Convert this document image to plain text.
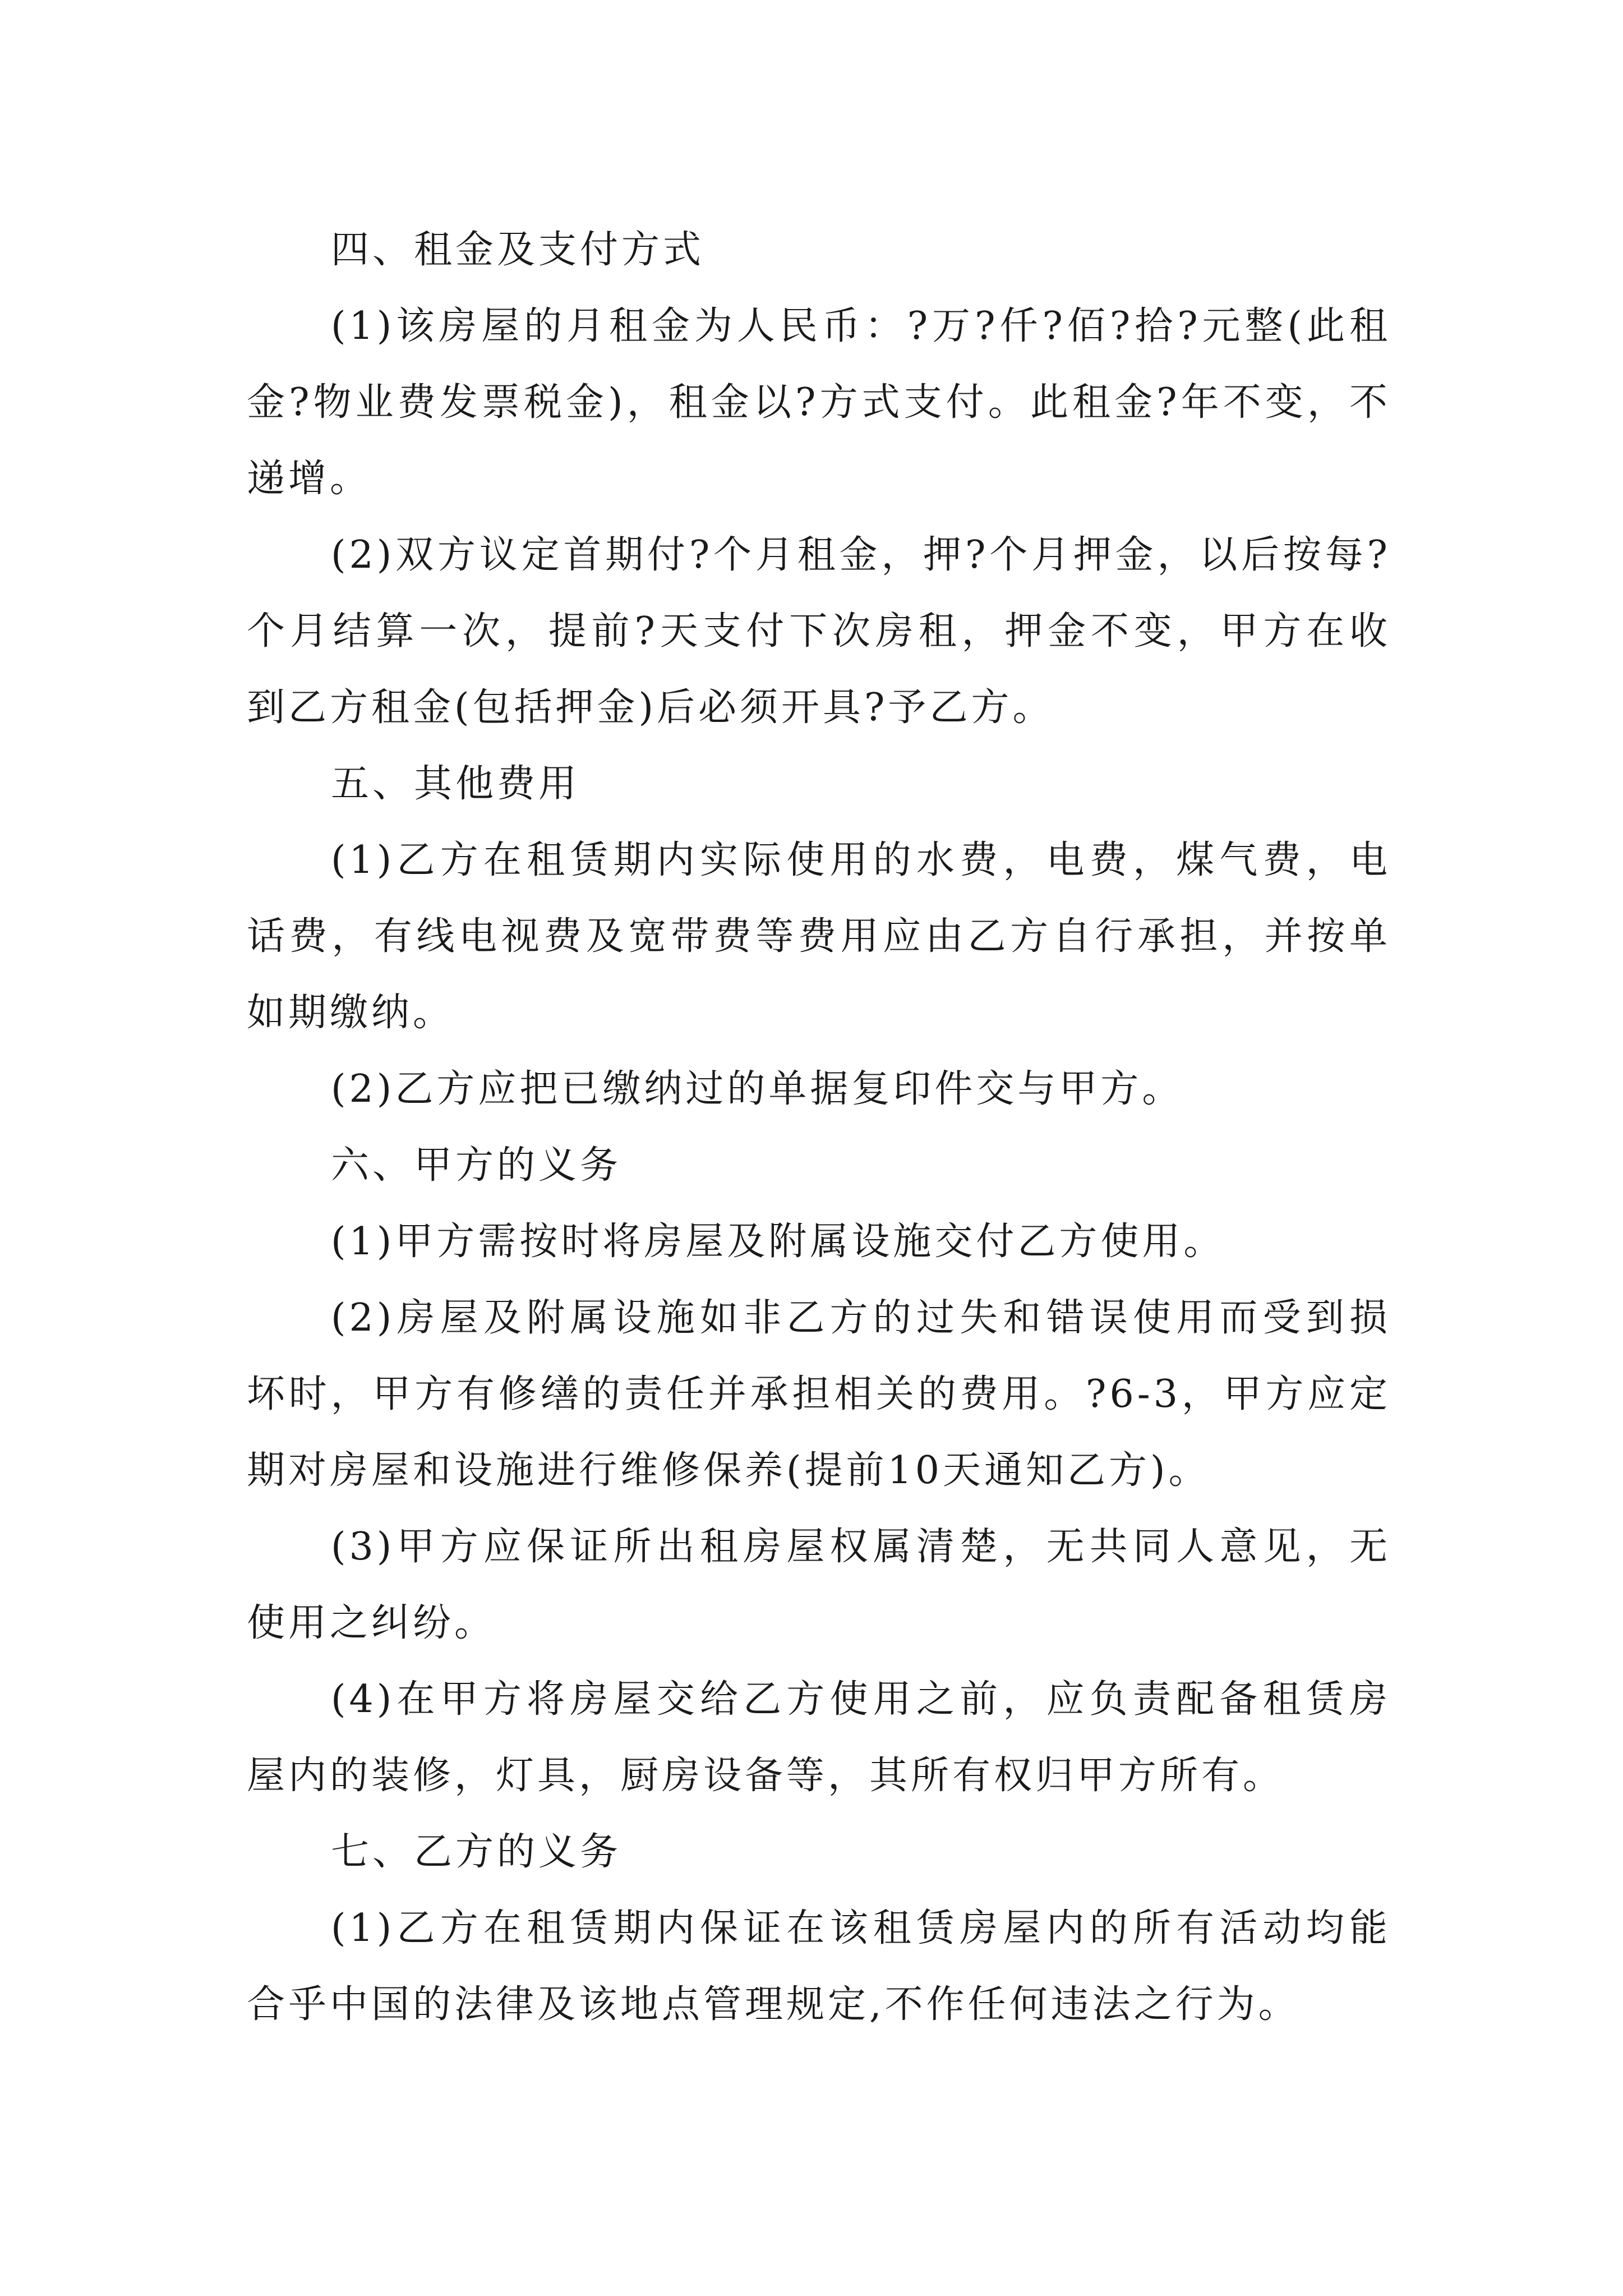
四、租金及支付方式

(1)该房屋的月租金为人民币：?万?仟?佰?拾?元整(此租金?物业费发票税金)，租金以?方式支付。此租金?年不变，不递增。

(2)双方议定首期付?个月租金，押?个月押金，以后按每?个月结算一次，提前?天支付下次房租，押金不变，甲方在收到乙方租金(包括押金)后必须开具?予乙方。

五、其他费用

(1)乙方在租赁期内实际使用的水费，电费，煤气费，电话费，有线电视费及宽带费等费用应由乙方自行承担，并按单如期缴纳。

(2)乙方应把已缴纳过的单据复印件交与甲方。

六、甲方的义务

(1)甲方需按时将房屋及附属设施交付乙方使用。

(2)房屋及附属设施如非乙方的过失和错误使用而受到损坏时，甲方有修缮的责任并承担相关的费用。?6-3，甲方应定期对房屋和设施进行维修保养(提前10天通知乙方)。

(3)甲方应保证所出租房屋权属清楚，无共同人意见，无使用之纠纷。

(4)在甲方将房屋交给乙方使用之前，应负责配备租赁房屋内的装修，灯具，厨房设备等，其所有权归甲方所有。

七、乙方的义务

(1)乙方在租赁期内保证在该租赁房屋内的所有活动均能合乎中国的法律及该地点管理规定,不作任何违法之行为。
